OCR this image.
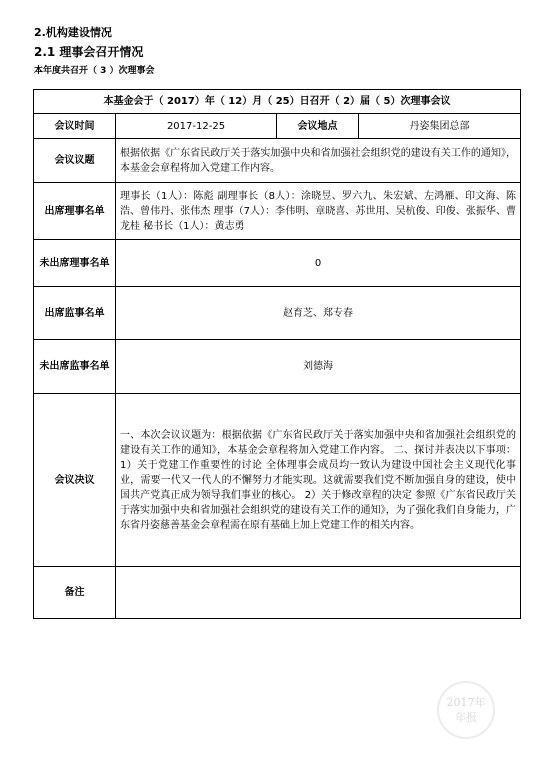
2.机构建设情况
2.1 理事会召开情况
本年度共召开（ 3 ）次理事会
本基金会于（ 2017）年（ 12）月（ 25）日召开（ 2）届（ 5）次理事会议			
会议时间	2017-12-25	会议地点	丹姿集团总部
会议议题	根据依据《广东省民政厅关于落实加强中央和省加强社会组织党的建设有关工作的通知》，本基金会章程将加入党建工作内容。		
出席理事名单	理事长（1人）：陈彪 副理事长（8人）：涂晓昱、罗六九、朱宏斌、左鸿雁、印文海、陈浩、曾伟丹、张伟杰 理事（7人）：李伟明、章晓喜、苏世用、吴杭俊、印俊、张振华、曹龙桂 秘书长（1人）：黄志勇		
未出席理事名单	0		
出席监事名单	赵育芝、郑专春		
未出席监事名单	刘德海		
会议决议	一、本次会议议题为：根据依据《广东省民政厅关于落实加强中央和省加强社会组织党的建设有关工作的通知》，本基金会章程将加入党建工作内容。 二、探讨并表决以下事项： 1）关于党建工作重要性的讨论 全体理事会成员均一致认为建设中国社会主义现代化事业，需要一代又一代人的不懈努力才能实现。这就需要我们党不断加强自身的建设，使中国共产党真正成为领导我们事业的核心。 2）关于修改章程的决定 参照《广东省民政厅关于落实加强中央和省加强社会组织党的建设有关工作的通知》，为了强化我们自身能力，广东省丹姿慈善基金会章程需在原有基础上加上党建工作的相关内容。		
备注			
2017年
年报
